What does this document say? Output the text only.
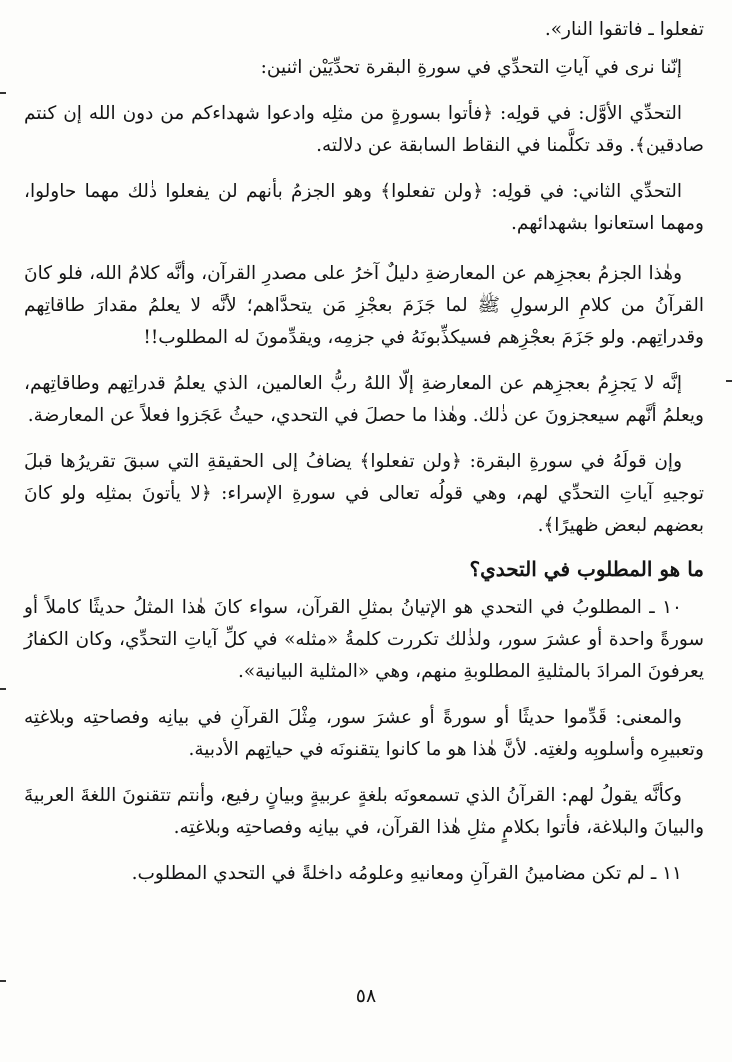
تفعلوا ـ فاتقوا النار».

إنّنا نرى في آياتِ التحدِّي في سورةِ البقرة تحدِّيَيْن اثنين:

التحدِّي الأوَّل: في قولِه: ﴿فأتوا بسورةٍ من مثلِه وادعوا شهداءكم من دون الله إن كنتم صادقين﴾. وقد تكلَّمنا في النقاط السابقة عن دلالته.

التحدِّي الثاني: في قولِه: ﴿ولن تفعلوا﴾ وهو الجزمُ بأنهم لن يفعلوا ذٰلك مهما حاولوا، ومهما استعانوا بشهدائهم.

وهٰذا الجزمُ بعجزِهم عن المعارضةِ دليلٌ آخرُ على مصدرِ القرآن، وأنَّه كلامُ الله، فلو كانَ القرآنُ من كلامِ الرسولِ ﷺ لما جَزَمَ بعجْزِ مَن يتحدَّاهم؛ لأنَّه لا يعلمُ مقدارَ طاقاتِهم وقدراتِهم. ولو جَزَمَ بعجْزِهم فسيكذِّبونَهُ في جزمِه، ويقدِّمونَ له المطلوب!!

إنَّه لا يَجزِمُ بعجزِهم عن المعارضةِ إلّا اللهُ ربُّ العالمين، الذي يعلمُ قدراتِهم وطاقاتِهم، ويعلمُ أنَّهم سيعجزونَ عن ذٰلك. وهٰذا ما حصلَ في التحدي، حيثُ عَجَزوا فعلاً عن المعارضة.

وإن قولَهُ في سورةِ البقرة: ﴿ولن تفعلوا﴾ يضافُ إلى الحقيقةِ التي سبقَ تقريرُها قبلَ توجيهِ آياتِ التحدِّي لهم، وهي قولُه تعالى في سورةِ الإسراء: ﴿لا يأتونَ بمثلِه ولو كانَ بعضهم لبعض ظهيرًا﴾.

ما هو المطلوب في التحدي؟

١٠ ـ المطلوبُ في التحدي هو الإتيانُ بمثلِ القرآن، سواء كانَ هٰذا المثلُ حديثًا كاملاً أو سورةً واحدة أو عشرَ سور، ولذٰلك تكررت كلمةُ «مثله» في كلِّ آياتِ التحدِّي، وكان الكفارُ يعرفونَ المرادَ بالمثليةِ المطلوبةِ منهم، وهي «المثلية البيانية».

والمعنى: قَدِّموا حديثًا أو سورةً أو عشرَ سور، مِثْلَ القرآنِ في بيانِه وفصاحتِه وبلاغتِه وتعبيرِه وأسلوبِه ولغتِه. لأنَّ هٰذا هو ما كانوا يتقنونَه في حياتِهم الأدبية.

وكأنَّه يقولُ لهم: القرآنُ الذي تسمعونَه بلغةٍ عربيةٍ وبيانٍ رفيع، وأنتم تتقنونَ اللغةَ العربيةَ والبيانَ والبلاغة، فأتوا بكلامٍ مثلِ هٰذا القرآن، في بيانِه وفصاحتِه وبلاغتِه.

١١ ـ لم تكن مضامينُ القرآنِ ومعانيهِ وعلومُه داخلةً في التحدي المطلوب.

٥٨
